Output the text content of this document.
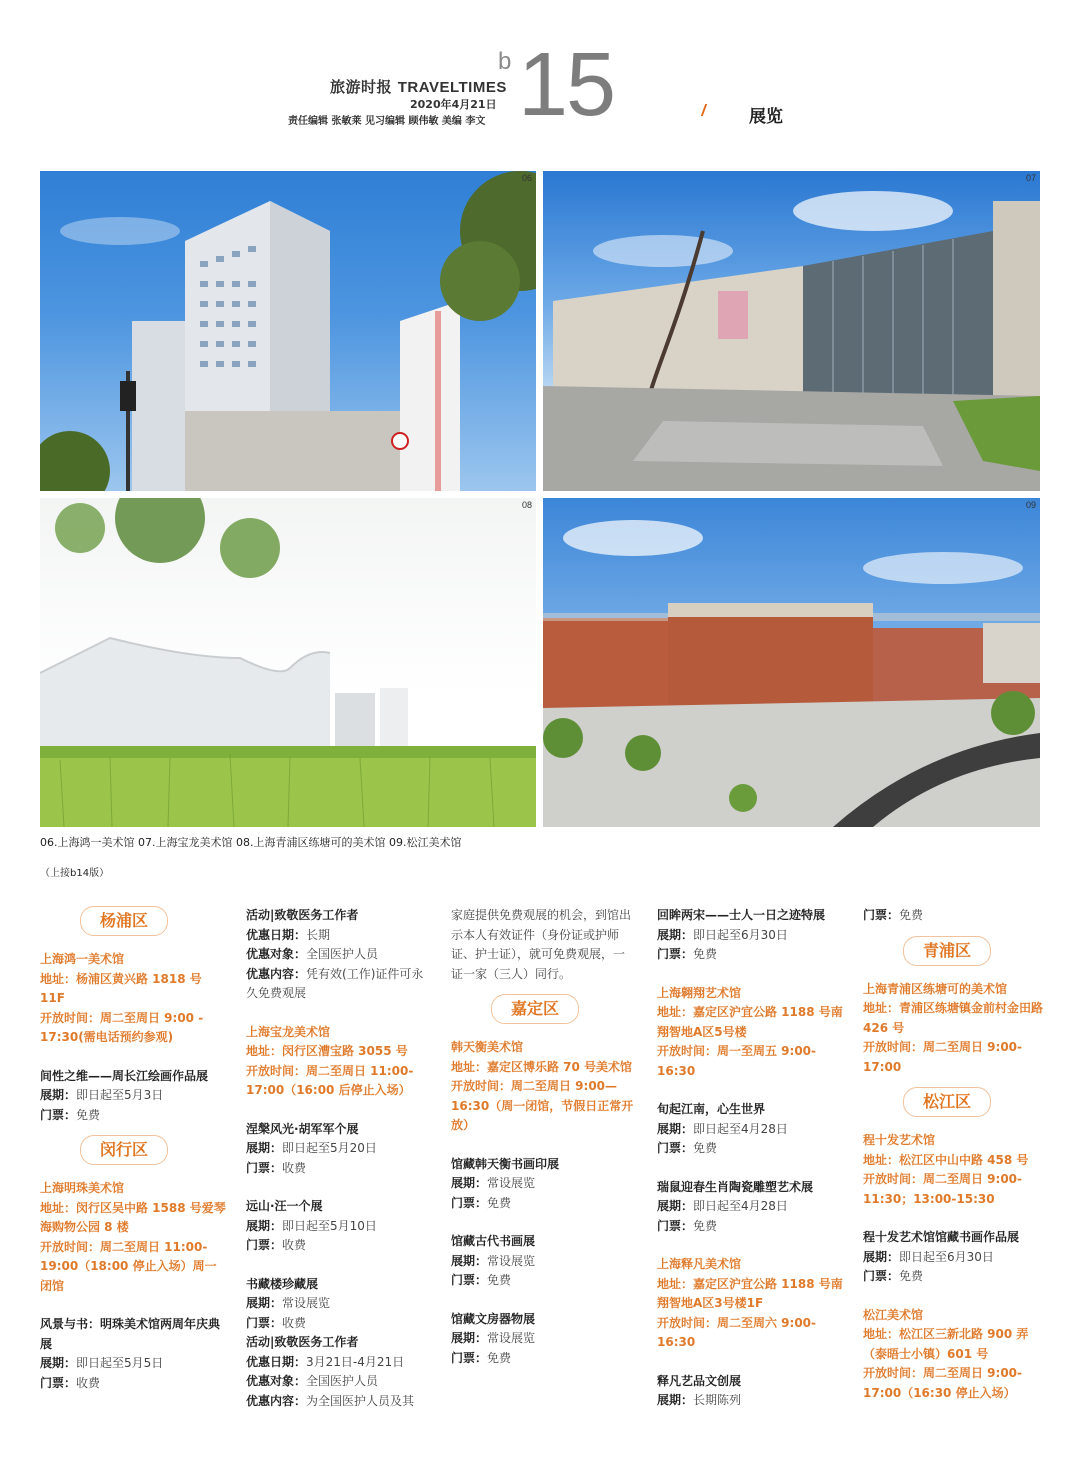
旅游时报 TRAVELTIMES
2020年4月21日
责任编辑 张敏莱 见习编辑 顾伟敏 美编 李文
b 15	展览
06	07
08	09
06.上海鸿一美术馆 07.上海宝龙美术馆 08.上海青浦区练塘可的美术馆 09.松江美术馆
（上接b14版）
杨浦区
上海鸿一美术馆
地址：杨浦区黄兴路 1818 号 11F
开放时间：周二至周日 9:00 - 17:30(需电话预约参观)
间性之维——周长江绘画作品展
展期：即日起至5月3日
门票：免费
闵行区
上海明珠美术馆
地址：闵行区吴中路 1588 号爱琴海购物公园 8 楼
开放时间：周二至周日 11:00-19:00（18:00 停止入场）周一闭馆
风景与书：明珠美术馆两周年庆典展
展期：即日起至5月5日
门票：收费
活动|致敬医务工作者
优惠日期：长期
优惠对象：全国医护人员
优惠内容：凭有效(工作)证件可永久免费观展
上海宝龙美术馆
地址：闵行区漕宝路 3055 号
开放时间：周二至周日 11:00-17:00（16:00 后停止入场）
涅槃风光·胡军军个展
展期：即日起至5月20日
门票：收费
远山·汪一个展
展期：即日起至5月10日
门票：收费
书藏楼珍藏展
展期：常设展览
门票：收费
活动|致敬医务工作者
优惠日期：3月21日-4月21日
优惠对象：全国医护人员
优惠内容：为全国医护人员及其
家庭提供免费观展的机会，到馆出示本人有效证件（身份证或护师证、护士证），就可免费观展，一证一家（三人）同行。
嘉定区
韩天衡美术馆
地址：嘉定区博乐路 70 号美术馆
开放时间：周二至周日 9:00—16:30（周一闭馆，节假日正常开放）
馆藏韩天衡书画印展
展期：常设展览
门票：免费
馆藏古代书画展
展期：常设展览
门票：免费
馆藏文房器物展
展期：常设展览
门票：免费
回眸两宋——士人一日之迹特展
展期：即日起至6月30日
门票：免费
上海翱翔艺术馆
地址：嘉定区沪宜公路 1188 号南翔智地A区5号楼
开放时间：周一至周五 9:00-16:30
旬起江南，心生世界
展期：即日起至4月28日
门票：免费
瑞鼠迎春生肖陶瓷雕塑艺术展
展期：即日起至4月28日
门票：免费
上海释凡美术馆
地址：嘉定区沪宜公路 1188 号南翔智地A区3号楼1F
开放时间：周二至周六 9:00-16:30
释凡艺品文创展
展期：长期陈列
门票：免费
青浦区
上海青浦区练塘可的美术馆
地址：青浦区练塘镇金前村金田路 426 号
开放时间：周二至周日 9:00-17:00
松江区
程十发艺术馆
地址：松江区中山中路 458 号
开放时间：周二至周日 9:00-11:30；13:00-15:30
程十发艺术馆馆藏书画作品展
展期：即日起至6月30日
门票：免费
松江美术馆
地址：松江区三新北路 900 弄（泰晤士小镇）601 号
开放时间：周二至周日 9:00-17:00（16:30 停止入场）
